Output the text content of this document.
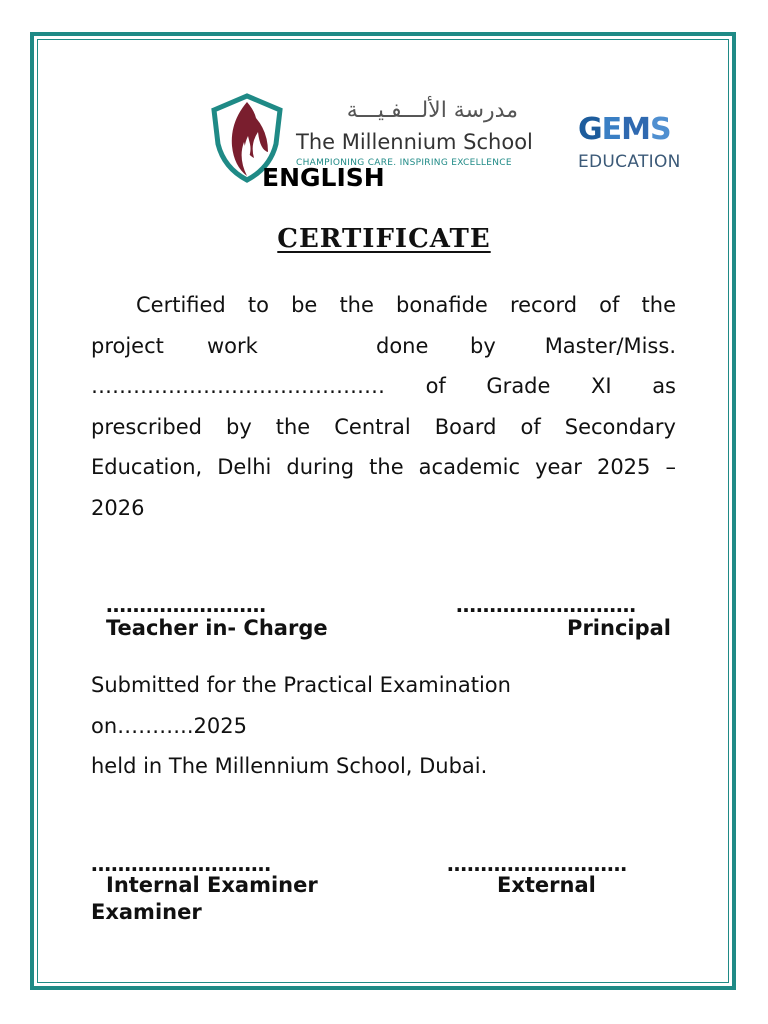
مدرسة الألـــفـيـــة
The Millennium School
CHAMPIONING CARE. INSPIRING EXCELLENCE
GEMS
EDUCATION
ENGLISH
CERTIFICATE
Certified to be the bonafide record of the
project work	done by Master/Miss.
…………………………………… of Grade XI as
prescribed by the Central Board of Secondary
Education, Delhi during the academic year 2025 –
2026
……………………	………………………
Teacher in- Charge	Principal
Submitted for the Practical Examination
on………..2025
held in The Millennium School, Dubai.
………………………	………………………
Internal Examiner	External
Examiner
